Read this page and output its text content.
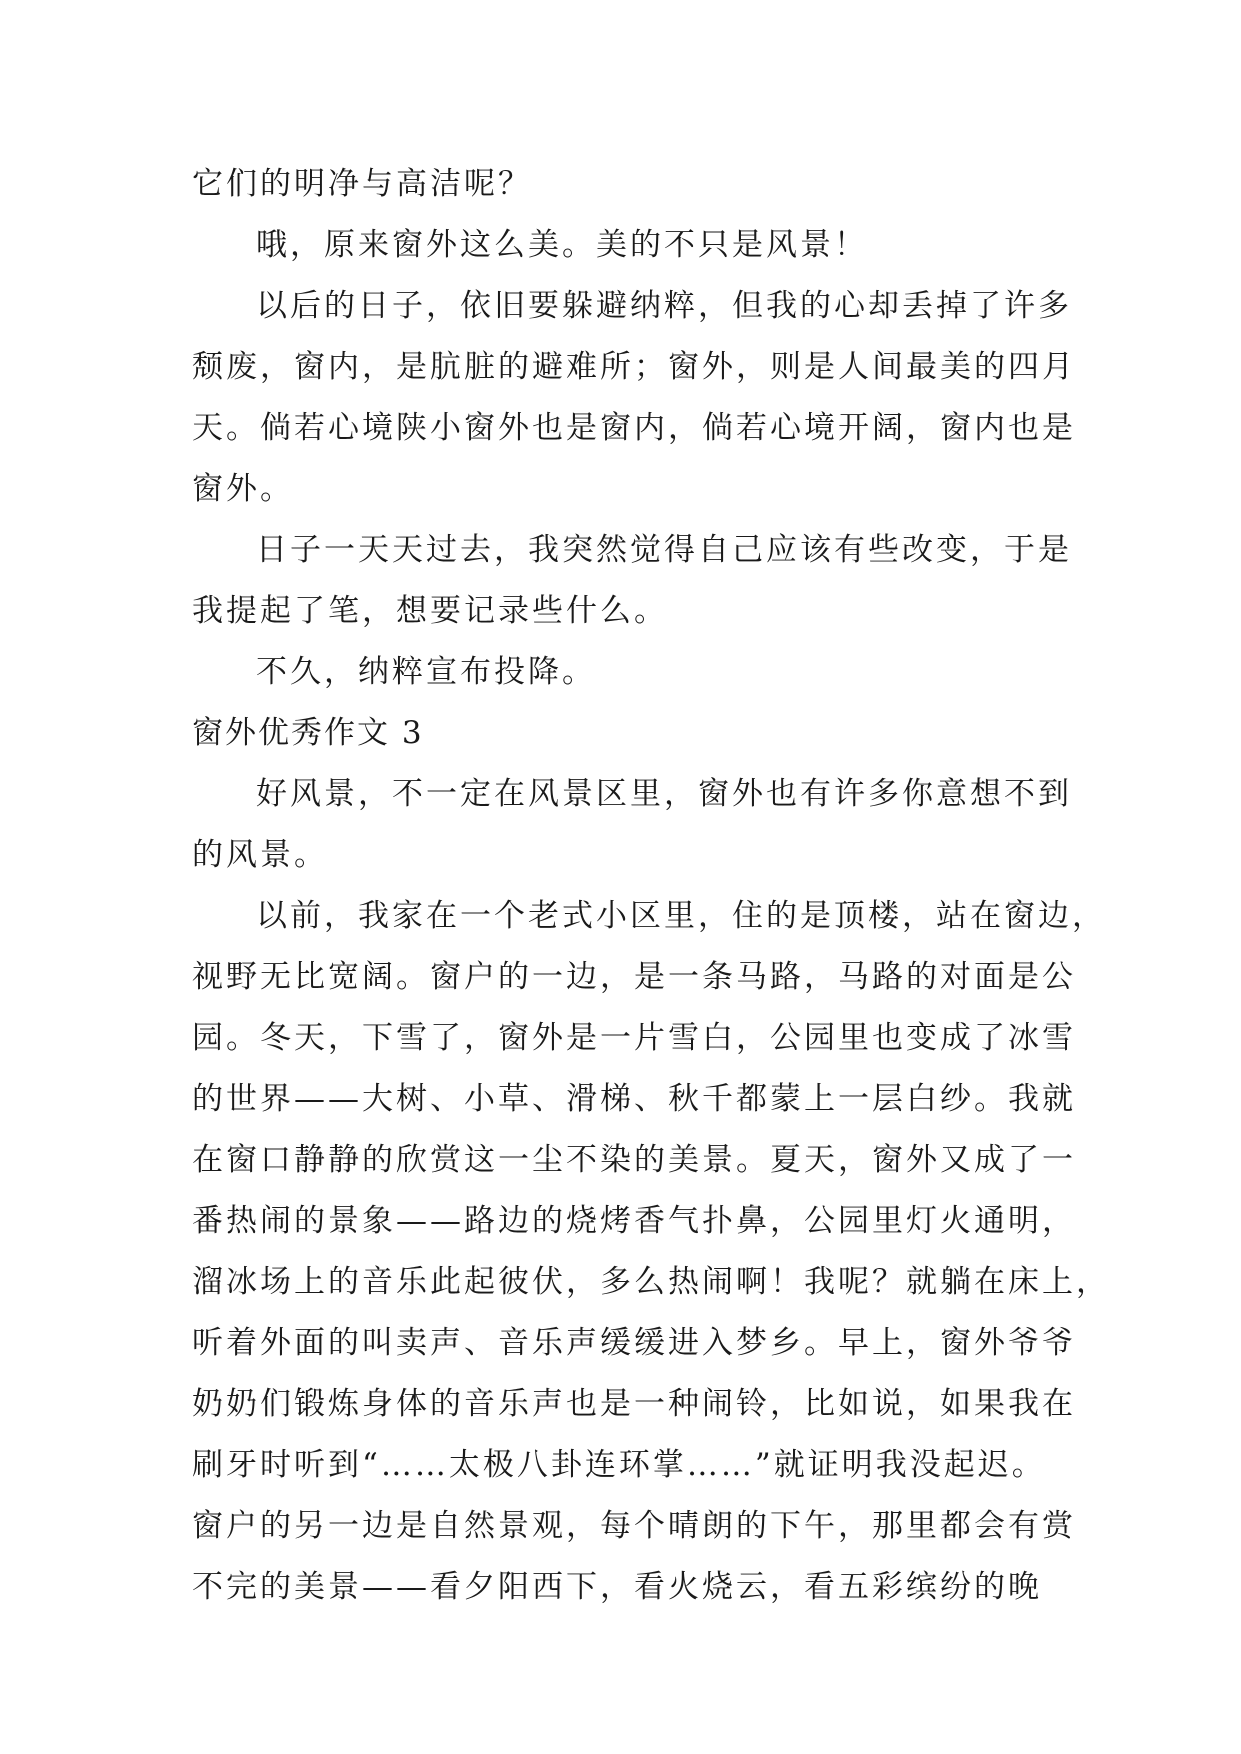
它们的明净与高洁呢？
哦，原来窗外这么美。美的不只是风景！
以后的日子，依旧要躲避纳粹，但我的心却丢掉了许多
颓废，窗内，是肮脏的避难所；窗外，则是人间最美的四月
天。倘若心境陕小窗外也是窗内，倘若心境开阔，窗内也是
窗外。
日子一天天过去，我突然觉得自己应该有些改变，于是
我提起了笔，想要记录些什么。
不久，纳粹宣布投降。
窗外优秀作文 3
好风景，不一定在风景区里，窗外也有许多你意想不到
的风景。
以前，我家在一个老式小区里，住的是顶楼，站在窗边，
视野无比宽阔。窗户的一边，是一条马路，马路的对面是公
园。冬天，下雪了，窗外是一片雪白，公园里也变成了冰雪
的世界——大树、小草、滑梯、秋千都蒙上一层白纱。我就
在窗口静静的欣赏这一尘不染的美景。夏天，窗外又成了一
番热闹的景象——路边的烧烤香气扑鼻，公园里灯火通明，
溜冰场上的音乐此起彼伏，多么热闹啊！我呢？就躺在床上，
听着外面的叫卖声、音乐声缓缓进入梦乡。早上，窗外爷爷
奶奶们锻炼身体的音乐声也是一种闹铃，比如说，如果我在
刷牙时听到“……太极八卦连环掌……”就证明我没起迟。
窗户的另一边是自然景观，每个晴朗的下午，那里都会有赏
不完的美景——看夕阳西下，看火烧云，看五彩缤纷的晚
